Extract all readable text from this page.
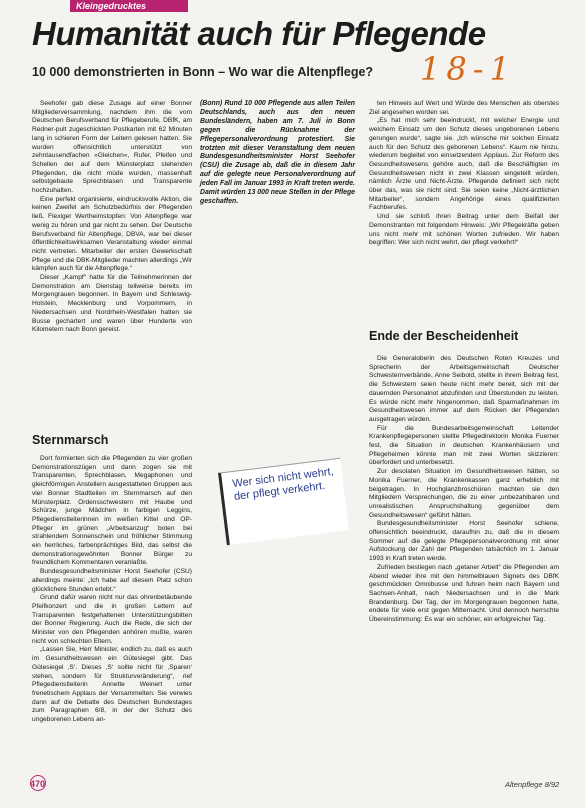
Kleingedrucktes
Humanität auch für Pflegende
10 000 demonstrierten in Bonn – Wo war die Altenpflege? 18-1

Seehofer gab diese Zusage auf einer Bonner Mitgliederversammlung, nachdem ihm die vom Deutschen Berufsverband für Pflegeberufe, DBfK, am Redner-pult zugeschickten Postkarten mit 62 Minuten lang in schieren Form der Leitern gelesen hatten. Sie wurden offensichtlich unterstützt von zehntausendfachen »Gleichen«, Rufer, Pfeifen und Schellen der auf dem Münsterplatz stehenden Pflegenden, die nicht müde wurden, massenhaft selbstgebaute Sprechblasen und Transparente hochzuhalten.

Eine perfekt organisierte, eindrucksvolle Aktion, die keinen Zweifel am Schutzbedürfnis der Pflegenden ließ. Flexiger Wertheimstopfen: Von Altenpflege war wenig zu hören und gar nicht zu sehen. Der Deutsche Berufsverband für Altenpflege, DBVA, war bei dieser öffentlichkeitswirksamen Veranstaltung wieder einmal nicht vertreten. Mitarbeiter der ersten Gewerkschaft Pflege und die DBK-Mitglieder machten allerdings „Wir kämpfen auch für die Altenpflege.“

Dieser „Kampf“ hatte für die Teilnehmerinnen der Demonstration am Dienstag teilweise bereits im Morgengrauen begonnen. In Bayern und Schleswig-Holstein, Mecklenburg und Vorpommern, in Niedersachsen und Nordrhein-Westfalen hatten sie Busse gechartert und waren über Hunderte von Kilometern nach Bonn gereist.

Sternmarsch

Dort formierten sich die Pflegenden zu vier großen Demonstrationszügen und dann zogen sie mit Transparenten, Sprechblasen, Megaphonen und gleichförmigen Anstellern ausgestatteten Gruppen aus vier Bonner Stadtteilen im Sternmarsch auf den Münsterplatz. Ordensschwestern mit Haube und Schürze, junge Mädchen in farbigen Leggins, Pflegedienstleiterinnen im weißen Kittel und OP-Pfleger im grünen „Arbeitsanzug“ boten bei strahlendem Sonnenschein und fröhlicher Stimmung ein herrliches, farbenprächtiges Bild, das selbst die demonstrationsgewöhnten Bonner Bürger zu freundlichem Kommentaren veranlaßte.

Bundesgesundheitsminister Horst Seehofer (CSU) allerdings meinte: „Ich habe auf diesem Platz schon glücklichere Stunden erlebt.“

Grund dafür waren nicht nur das ohrenbetäubende Pfeifkonzert und die in großen Lettern auf Transparenten festgehaltenen Unterstützungsbitten der Bonner Regierung. Auch die Rede, die sich der Minister von den Pflegenden anhören mußte, waren nicht von schlechten Eltern.

„Lassen Sie, Herr Minister, endlich zu, daß es auch im Gesundheitswesen ein Gütesiegel gibt. Das Gütesiegel ‚S‘. Dieses ‚S‘ sollte nicht für ‚Sparen‘ stehen, sondern für Strukturveränderung“, rief Pflegedienstleiterin Annette Weinert unter frenetischem Applaus der Versammelten: Sie verwies dann auf die Debatte des Deutschen Bundestages zum Paragraphen 6/8, in der der Schutz des ungeborenen Lebens an-

(Bonn) Rund 10 000 Pflegende aus allen Teilen Deutschlands, auch aus den neuen Bundesländern, haben am 7. Juli in Bonn gegen die Rücknahme der Pflegepersonalverordnung protestiert. Sie trotzten mit dieser Veranstaltung dem neuen Bundesgesundheitsminister Horst Seehofer (CSU) die Zusage ab, daß die in diesem Jahr auf die gelegte neue Personalverordnung auf jeden Fall im Januar 1993 in Kraft treten werde. Damit würden 13 000 neue Stellen in der Pflege geschaffen.

Wer sich nicht wehrt, der pflegt verkehrt.

ten Hinweis auf Wert und Würde des Menschen als oberstes Ziel angesehen worden sei.

„Es hat mich sehr beeindruckt, mit welcher Energie und welchem Einsatz um den Schutz dieses ungeborenen Lebens gerungen wurde“, sagte sie. „Ich wünsche mir solchen Einsatz auch für den Schutz des geborenen Lebens“. Kaum nie hinzu, wiederum begleitet von einsetzendem Applaus. Zur Reform des Gesundheitswesens gehöre auch, daß die Beschäftigten im Gesundheitswesen nicht in zwei Klassen eingeteilt würden, nämlich Ärzte und Nicht-Ärzte. Pflegende definiert sich nicht über das, was sie nicht sind. Sie seien keine „Nicht-ärztlichen Mitarbeiter“, sondern Angehörige eines qualifizierten Fachberufes.

Und sie schloß ihren Beitrag unter dem Beifall der Demonstranten mit folgendem Hinweis: „Wir Pflegekräfte geben uns nicht mehr mit schönen Worten zufrieden. Wir haben begriffen: Wer sich nicht wehrt, der pflegt verkehrt!“

Ende der Bescheidenheit

Die Generaloberin des Deutschen Roten Kreuzes und Sprecherin der Arbeitsgemeinschaft Deutscher Schwesternverbände, Anne Seibold, stellte in ihrem Beitrag fest, die Schwestern seien heute nicht mehr bereit, sich mit der dauernden Personalnot abzufinden und Überstunden zu leisten. Es würde nicht mehr hingenommen, daß Sparmaßnahmen im Gesundheitswesen immer auf dem Rücken der Pflegenden ausgetragen würden.

Für die Bundesarbeitsgemeinschaft Leitender Krankenpflegepersonen stellte Pflegedirektorin Monika Fuerner fest, die Situation in deutschen Krankenhäusern und Pflegeheimen könnte man mit zwei Worten skizzieren: überfordert und unterbesetzt.

Zur desolaten Situation im Gesundheitswesen hätten, so Monika Fuerner, die Krankenkassen ganz erheblich mit beigetragen. In Hochglanzbroschüren machten sie den Mitgliedern Versprechungen, die zu einer „unbezahlbaren und unrealistischen Anspruchshaltung gegenüber dem Gesundheitswesen“ geführt hätten.

Bundesgesundheitsminister Horst Seehofer schiene, offensichtlich beeindruckt, daraufhin zu, daß die in diesem Sommer auf die gelegte Pflegepersonalverordnung mit einer Aufstockung der Zahl der Pflegenden tatsächlich im 1. Januar 1993 in Kraft treten werde.

Zufrieden bestiegen nach „getaner Arbeit“ die Pflegenden am Abend wieder ihre mit den himmelblauen Signets des DBfK geschmückten Omnibusse und fuhren heim nach Bayern und Sachsen-Anhalt, nach Niedersachsen und in die Mark Brandenburg. Der Tag, der im Morgengrauen begonnen hatte, endete für viele erst gegen Mitternacht. Und dennoch herrschte Übereinstimmung: Es war ein schöner, ein erfolgreicher Tag.

470	Altenpflege 8/92
